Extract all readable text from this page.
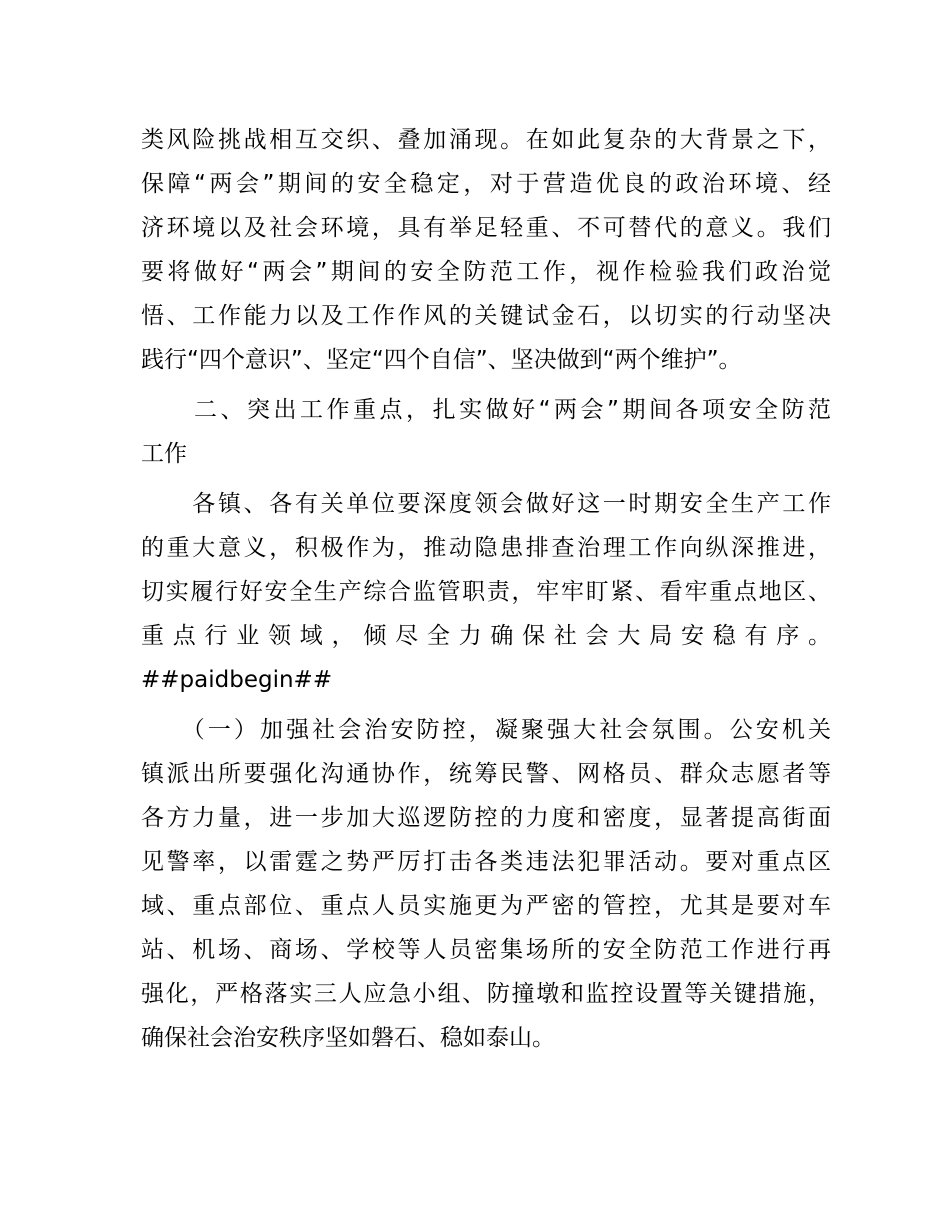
类风险挑战相互交织、叠加涌现。在如此复杂的大背景之下，
保障“两会”期间的安全稳定，对于营造优良的政治环境、经
济环境以及社会环境，具有举足轻重、不可替代的意义。我们
要将做好“两会”期间的安全防范工作，视作检验我们政治觉
悟、工作能力以及工作作风的关键试金石，以切实的行动坚决
践行“四个意识”、坚定“四个自信”、坚决做到“两个维护”。
　　二、突出工作重点，扎实做好“两会”期间各项安全防范
工作
　　各镇、各有关单位要深度领会做好这一时期安全生产工作
的重大意义，积极作为，推动隐患排查治理工作向纵深推进，
切实履行好安全生产综合监管职责，牢牢盯紧、看牢重点地区、
重点行业领域，倾尽全力确保社会大局安稳有序。
##paidbegin##
　　（一）加强社会治安防控，凝聚强大社会氛围。公安机关
镇派出所要强化沟通协作，统筹民警、网格员、群众志愿者等
各方力量，进一步加大巡逻防控的力度和密度，显著提高街面
见警率，以雷霆之势严厉打击各类违法犯罪活动。要对重点区
域、重点部位、重点人员实施更为严密的管控，尤其是要对车
站、机场、商场、学校等人员密集场所的安全防范工作进行再
强化，严格落实三人应急小组、防撞墩和监控设置等关键措施，
确保社会治安秩序坚如磐石、稳如泰山。
